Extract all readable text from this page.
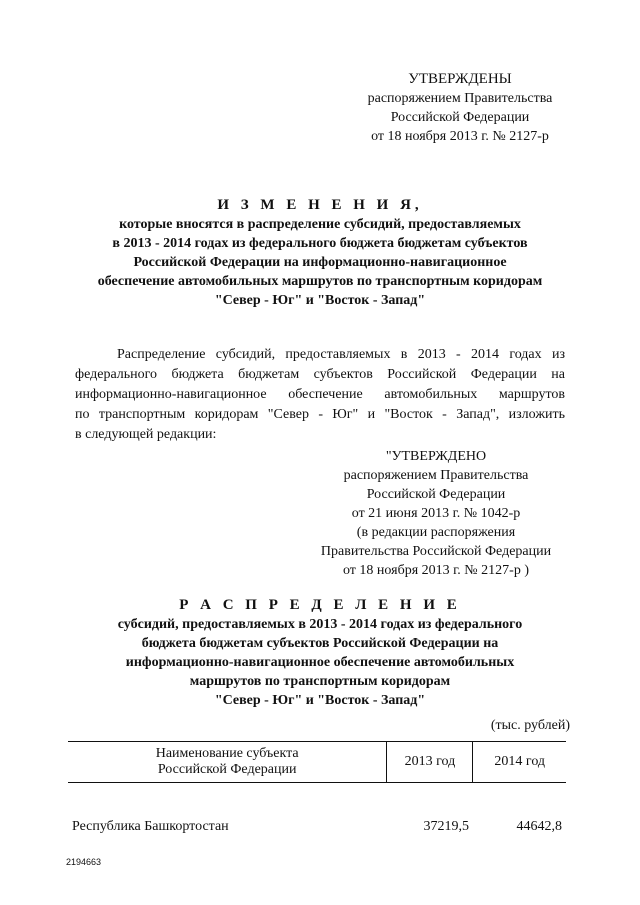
УТВЕРЖДЕНЫ
распоряжением Правительства
Российской Федерации
от 18 ноября 2013 г. № 2127-р
И З М Е Н Е Н И Я,
которые вносятся в распределение субсидий, предоставляемых
в 2013 - 2014 годах из федерального бюджета бюджетам субъектов
Российской Федерации на информационно-навигационное
обеспечение автомобильных маршрутов по транспортным коридорам
"Север - Юг" и "Восток - Запад"
Распределение субсидий, предоставляемых в 2013 - 2014 годах из
федерального бюджета бюджетам субъектов Российской Федерации на
информационно-навигационное обеспечение автомобильных маршрутов
по транспортным коридорам "Север - Юг" и "Восток - Запад", изложить
в следующей редакции:
"УТВЕРЖДЕНО
распоряжением Правительства
Российской Федерации
от 21 июня 2013 г. № 1042-р
(в редакции распоряжения
Правительства Российской Федерации
от 18 ноября 2013 г. № 2127-р )
Р А С П Р Е Д Е Л Е Н И Е
субсидий, предоставляемых в 2013 - 2014 годах из федерального
бюджета бюджетам субъектов Российской Федерации на
информационно-навигационное обеспечение автомобильных
маршрутов по транспортным коридорам
"Север - Юг" и "Восток - Запад"
(тыс. рублей)
Наименование субъекта
Российской Федерации	2013 год	2014 год
Республика Башкортостан	37219,5	44642,8
2194663
